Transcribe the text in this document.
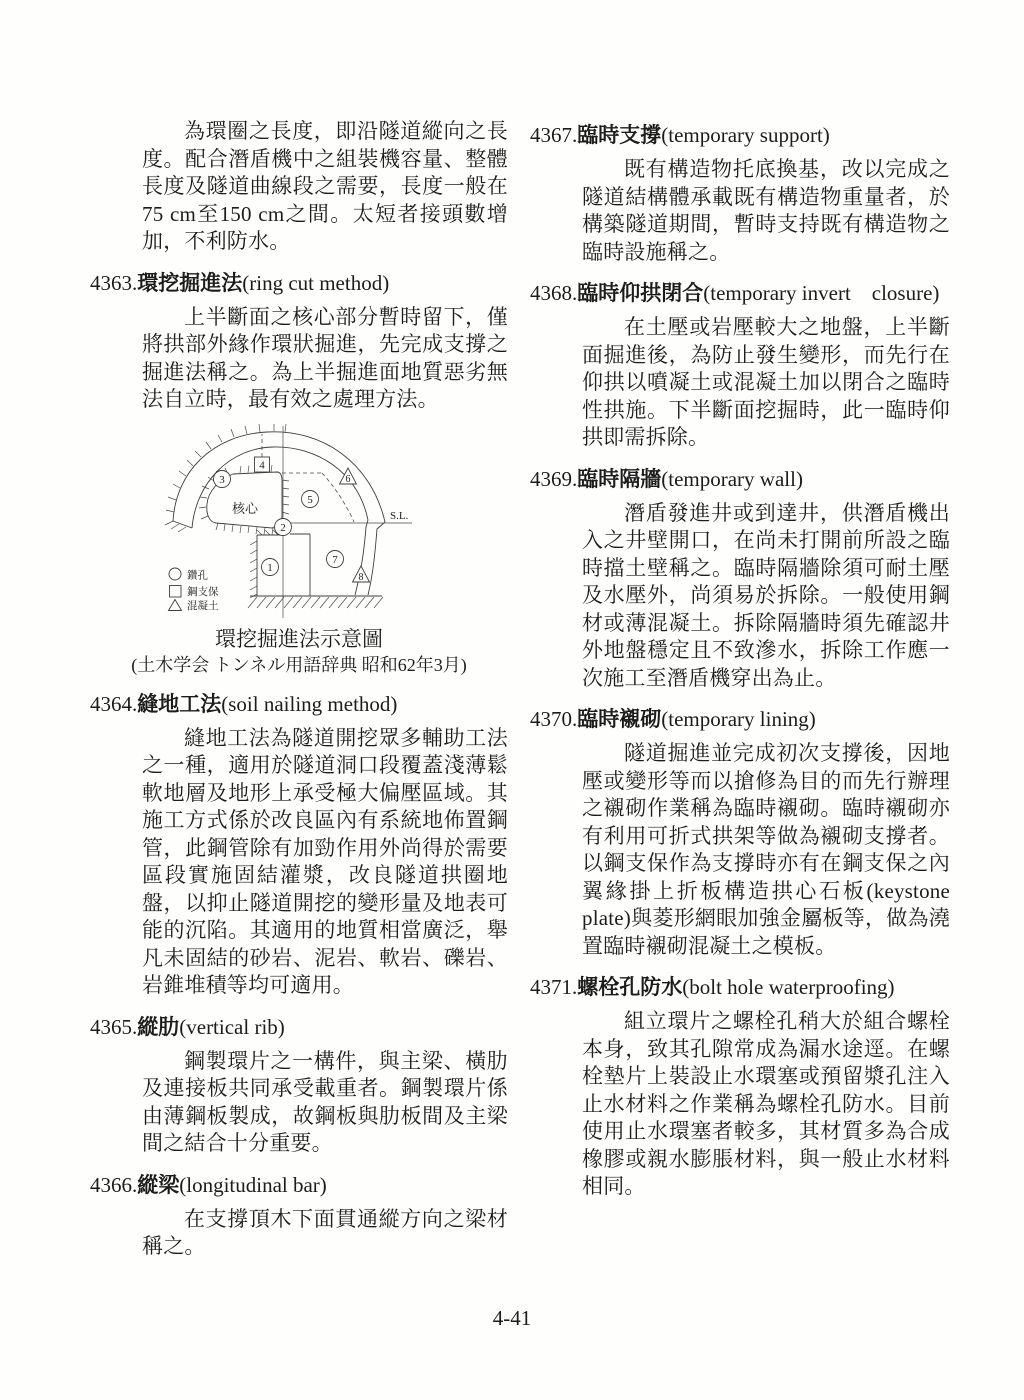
為環圈之長度，即沿隧道縱向之長度。配合潛盾機中之組裝機容量、整體長度及隧道曲線段之需要，長度一般在75 cm至150 cm之間。太短者接頭數增加，不利防水。

4363.環挖掘進法(ring cut method)

上半斷面之核心部分暫時留下，僅將拱部外緣作環狀掘進，先完成支撐之掘進法稱之。為上半掘進面地質惡劣無法自立時，最有效之處理方法。

核心	S.L.
3
4
5
6
2
1
7
8
鑽孔
鋼支保
混凝土
環挖掘進法示意圖
(土木学会 トンネル用語辞典 昭和62年3月)
4364.縫地工法(soil nailing method)

縫地工法為隧道開挖眾多輔助工法之一種，適用於隧道洞口段覆蓋淺薄鬆軟地層及地形上承受極大偏壓區域。其施工方式係於改良區內有系統地佈置鋼管，此鋼管除有加勁作用外尚得於需要區段實施固結灌漿，改良隧道拱圈地盤，以抑止隧道開挖的變形量及地表可能的沉陷。其適用的地質相當廣泛，舉凡未固結的砂岩、泥岩、軟岩、礫岩、岩錐堆積等均可適用。

4365.縱肋(vertical rib)

鋼製環片之一構件，與主梁、橫肋及連接板共同承受載重者。鋼製環片係由薄鋼板製成，故鋼板與肋板間及主梁間之結合十分重要。

4366.縱梁(longitudinal bar)

在支撐頂木下面貫通縱方向之梁材稱之。

4367.臨時支撐(temporary support)

既有構造物托底換基，改以完成之隧道結構體承載既有構造物重量者，於構築隧道期間，暫時支持既有構造物之臨時設施稱之。

4368.臨時仰拱閉合(temporary invert　closure)

在土壓或岩壓較大之地盤，上半斷面掘進後，為防止發生變形，而先行在仰拱以噴凝土或混凝土加以閉合之臨時性拱施。下半斷面挖掘時，此一臨時仰拱即需拆除。

4369.臨時隔牆(temporary wall)

潛盾發進井或到達井，供潛盾機出入之井壁開口，在尚未打開前所設之臨時擋土壁稱之。臨時隔牆除須可耐土壓及水壓外，尚須易於拆除。一般使用鋼材或薄混凝土。拆除隔牆時須先確認井外地盤穩定且不致滲水，拆除工作應一次施工至潛盾機穿出為止。

4370.臨時襯砌(temporary lining)

隧道掘進並完成初次支撐後，因地壓或變形等而以搶修為目的而先行辦理之襯砌作業稱為臨時襯砌。臨時襯砌亦有利用可折式拱架等做為襯砌支撐者。以鋼支保作為支撐時亦有在鋼支保之內翼緣掛上折板構造拱心石板(keystone plate)與菱形網眼加強金屬板等，做為澆置臨時襯砌混凝土之模板。

4371.螺栓孔防水(bolt hole waterproofing)

組立環片之螺栓孔稍大於組合螺栓本身，致其孔隙常成為漏水途逕。在螺栓墊片上裝設止水環塞或預留漿孔注入止水材料之作業稱為螺栓孔防水。目前使用止水環塞者較多，其材質多為合成橡膠或親水膨脹材料，與一般止水材料相同。

4-41
